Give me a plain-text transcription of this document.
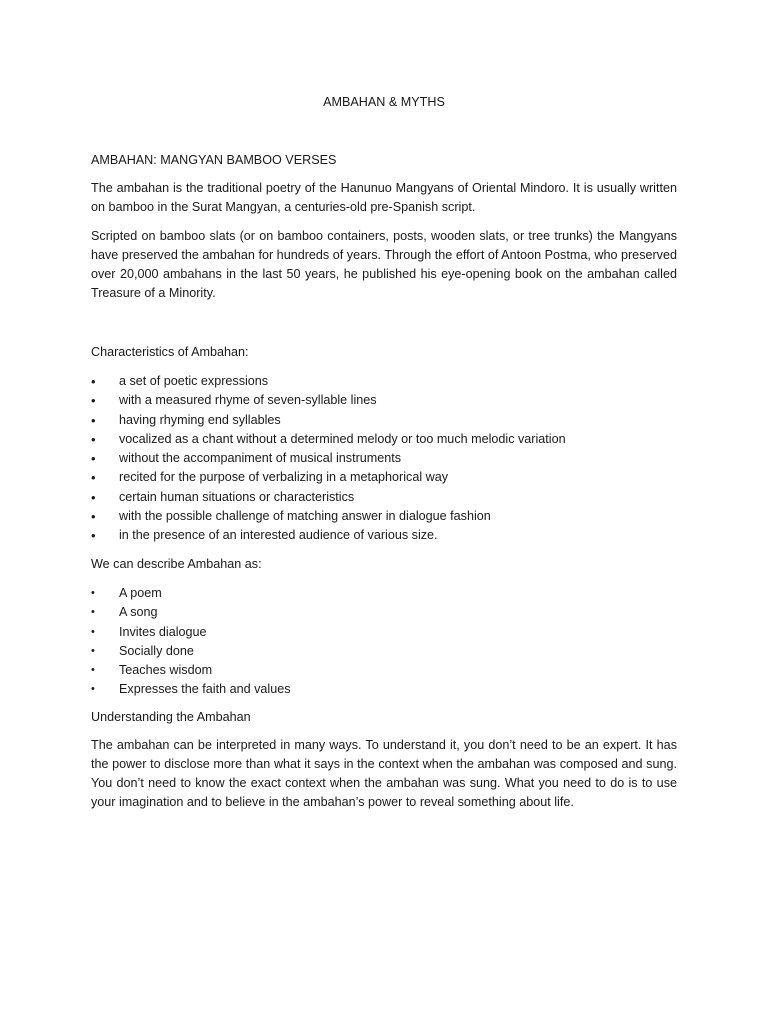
AMBAHAN & MYTHS
AMBAHAN: MANGYAN BAMBOO VERSES

The ambahan is the traditional poetry of the Hanunuo Mangyans of Oriental Mindoro. It is usually written on bamboo in the Surat Mangyan, a centuries-old pre-Spanish script.

Scripted on bamboo slats (or on bamboo containers, posts, wooden slats, or tree trunks) the Mangyans have preserved the ambahan for hundreds of years. Through the effort of Antoon Postma, who preserved over 20,000 ambahans in the last 50 years, he published his eye-opening book on the ambahan called Treasure of a Minority.

Characteristics of Ambahan:
• a set of poetic expressions
• with a measured rhyme of seven-syllable lines
• having rhyming end syllables
• vocalized as a chant without a determined melody or too much melodic variation
• without the accompaniment of musical instruments
• recited for the purpose of verbalizing in a metaphorical way
• certain human situations or characteristics
• with the possible challenge of matching answer in dialogue fashion
• in the presence of an interested audience of various size.
We can describe Ambahan as:
• A poem
• A song
• Invites dialogue
• Socially done
• Teaches wisdom
• Expresses the faith and values
Understanding the Ambahan

The ambahan can be interpreted in many ways. To understand it, you don’t need to be an expert. It has the power to disclose more than what it says in the context when the ambahan was composed and sung. You don’t need to know the exact context when the ambahan was sung. What you need to do is to use your imagination and to believe in the ambahan’s power to reveal something about life.
